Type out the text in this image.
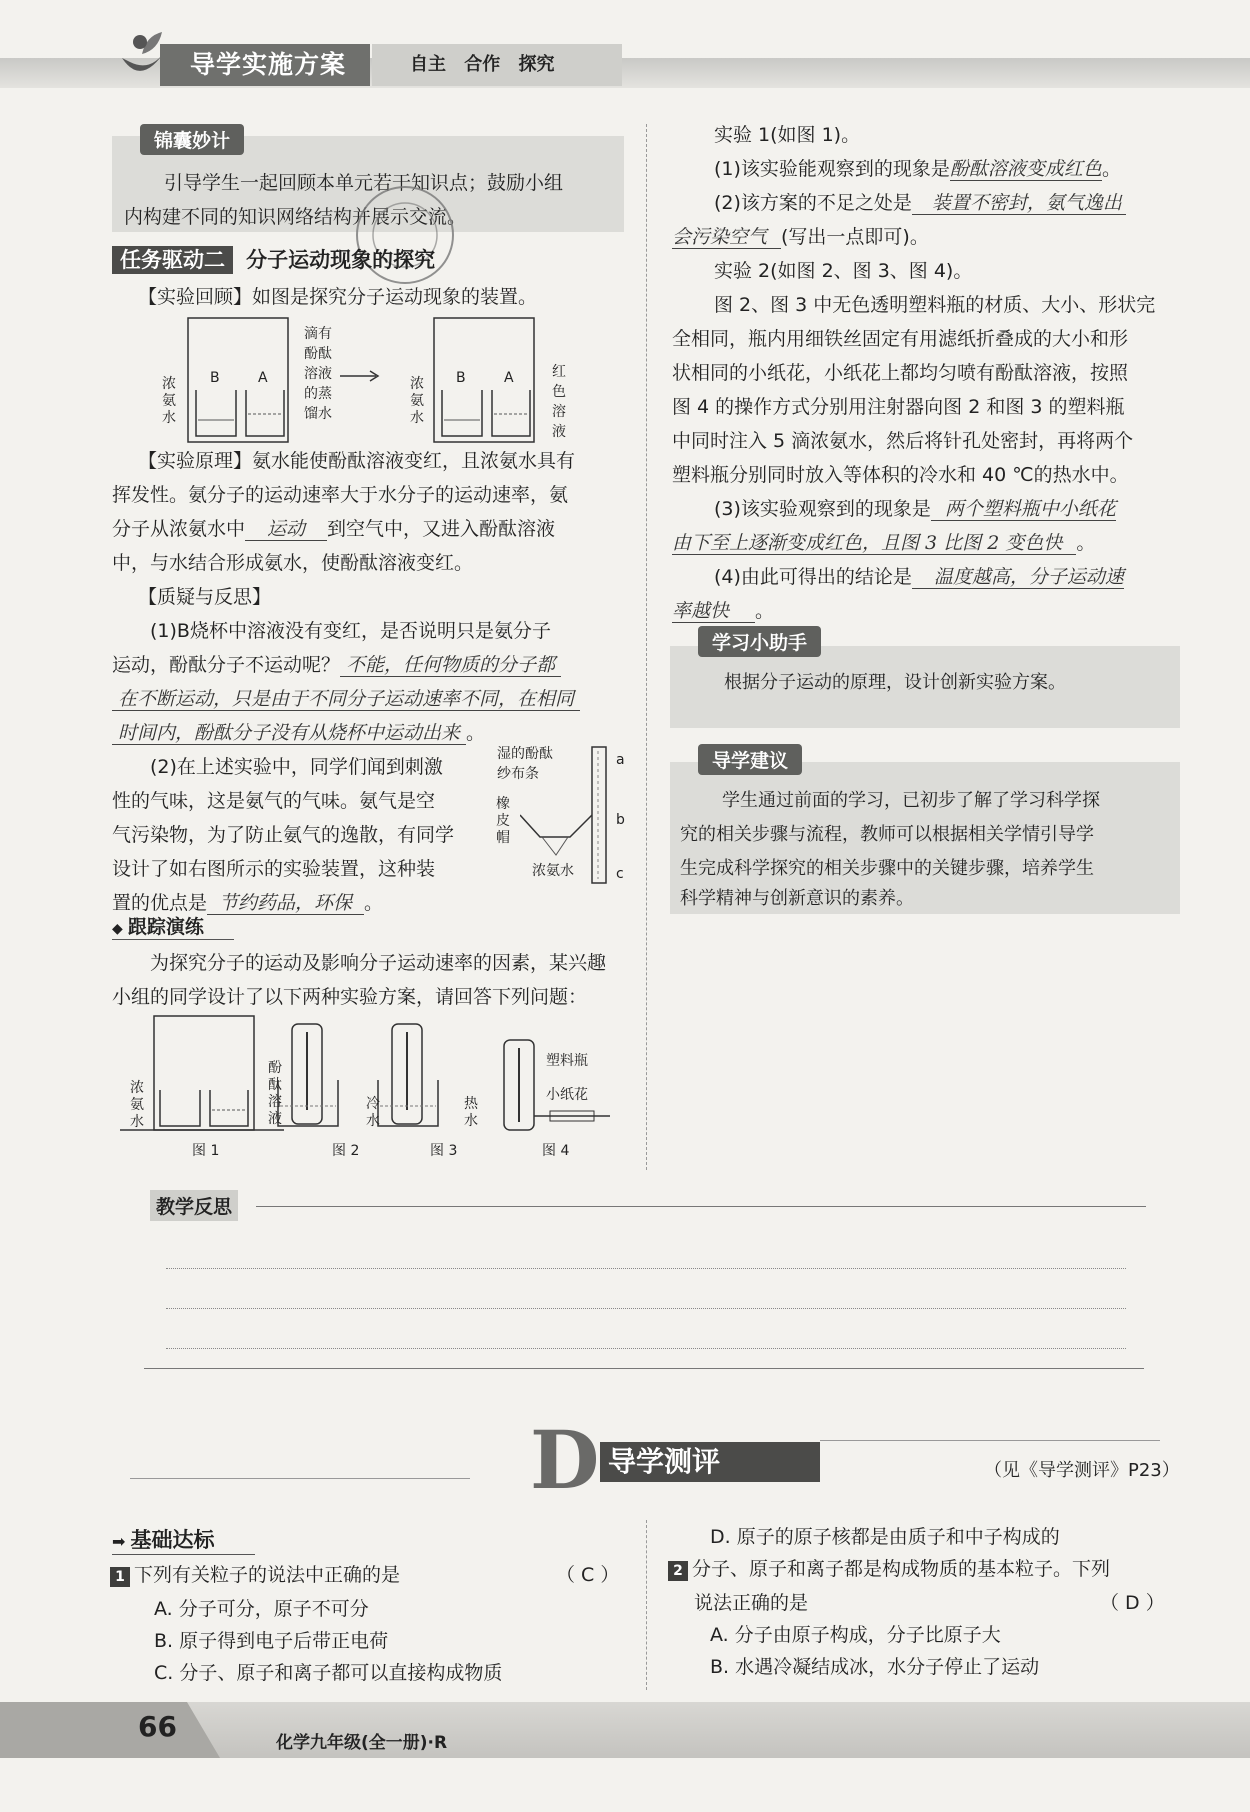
导学实施方案	自主 合作 探究
锦囊妙计
引导学生一起回顾本单元若干知识点；鼓励小组
内构建不同的知识网络结构并展示交流。
任务驱动二 分子运动现象的探究
【实验回顾】如图是探究分子运动现象的装置。
浓氨水
B	A
滴有酚酞溶液的蒸馏水
浓氨水
B	A	红色溶液
【实验原理】氨水能使酚酞溶液变红，且浓氨水具有
挥发性。氨分子的运动速率大于水分子的运动速率，氨
分子从浓氨水中 运动 到空气中，又进入酚酞溶液
中，与水结合形成氨水，使酚酞溶液变红。
【质疑与反思】
(1)B烧杯中溶液没有变红，是否说明只是氨分子
运动，酚酞分子不运动呢？ 不能，任何物质的分子都
在不断运动，只是由于不同分子运动速率不同，在相同
时间内，酚酞分子没有从烧杯中运动出来 。
(2)在上述实验中，同学们闻到刺激
性的气味，这是氨气的气味。氨气是空
气污染物，为了防止氨气的逸散，有同学
设计了如右图所示的实验装置，这种装
置的优点是 节约药品，环保 。
湿的酚酞纱布条
橡皮帽
浓氨水
a
b
c
◆ 跟踪演练
为探究分子的运动及影响分子运动速率的因素，某兴趣
小组的同学设计了以下两种实验方案，请回答下列问题：
浓氨水
酚酞溶液
冷水
热水
塑料瓶
小纸花
图 1	图 2	图 3	图 4
实验 1(如图 1)。
(1)该实验能观察到的现象是酚酞溶液变成红色。
(2)该方案的不足之处是 装置不密封，氨气逸出
会污染空气 (写出一点即可)。
实验 2(如图 2、图 3、图 4)。
图 2、图 3 中无色透明塑料瓶的材质、大小、形状完
全相同，瓶内用细铁丝固定有用滤纸折叠成的大小和形
状相同的小纸花，小纸花上都均匀喷有酚酞溶液，按照
图 4 的操作方式分别用注射器向图 2 和图 3 的塑料瓶
中同时注入 5 滴浓氨水，然后将针孔处密封，再将两个
塑料瓶分别同时放入等体积的冷水和 40 ℃的热水中。
(3)该实验观察到的现象是 两个塑料瓶中小纸花
由下至上逐渐变成红色，且图 3 比图 2 变色快 。
(4)由此可得出的结论是 温度越高，分子运动速
率越快 。
学习小助手
根据分子运动的原理，设计创新实验方案。
导学建议
学生通过前面的学习，已初步了解了学习科学探
究的相关步骤与流程，教师可以根据相关学情引导学
生完成科学探究的相关步骤中的关键步骤，培养学生
科学精神与创新意识的素养。
教学反思
D 导学测评	（见《导学测评》P23）
➡ 基础达标
1 下列有关粒子的说法中正确的是	（ C ）
A. 分子可分，原子不可分
B. 原子得到电子后带正电荷
C. 分子、原子和离子都可以直接构成物质
D. 原子的原子核都是由质子和中子构成的
2 分子、原子和离子都是构成物质的基本粒子。下列
说法正确的是	（ D ）
A. 分子由原子构成，分子比原子大
B. 水遇冷凝结成冰，水分子停止了运动
66	化学九年级(全一册)·R
